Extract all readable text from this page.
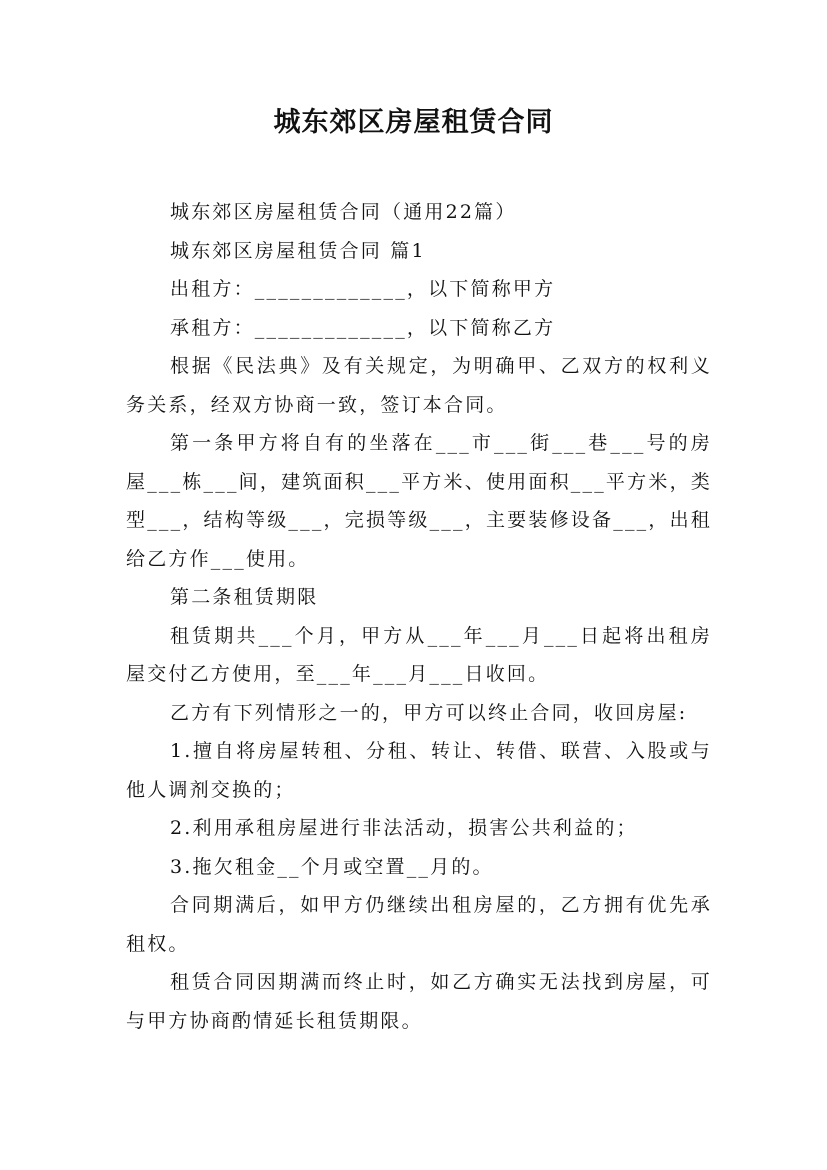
城东郊区房屋租赁合同

城东郊区房屋租赁合同（通用22篇）

城东郊区房屋租赁合同 篇1

出租方：_____________，以下简称甲方

承租方：_____________，以下简称乙方

根据《民法典》及有关规定，为明确甲、乙双方的权利义务关系，经双方协商一致，签订本合同。

第一条甲方将自有的坐落在___市___街___巷___号的房屋___栋___间，建筑面积___平方米、使用面积___平方米，类型___，结构等级___，完损等级___，主要装修设备___，出租给乙方作___使用。

第二条租赁期限

租赁期共___个月，甲方从___年___月___日起将出租房屋交付乙方使用，至___年___月___日收回。

乙方有下列情形之一的，甲方可以终止合同，收回房屋:

1.擅自将房屋转租、分租、转让、转借、联营、入股或与他人调剂交换的；

2.利用承租房屋进行非法活动，损害公共利益的；

3.拖欠租金__个月或空置__月的。

合同期满后，如甲方仍继续出租房屋的，乙方拥有优先承租权。

租赁合同因期满而终止时，如乙方确实无法找到房屋，可与甲方协商酌情延长租赁期限。
